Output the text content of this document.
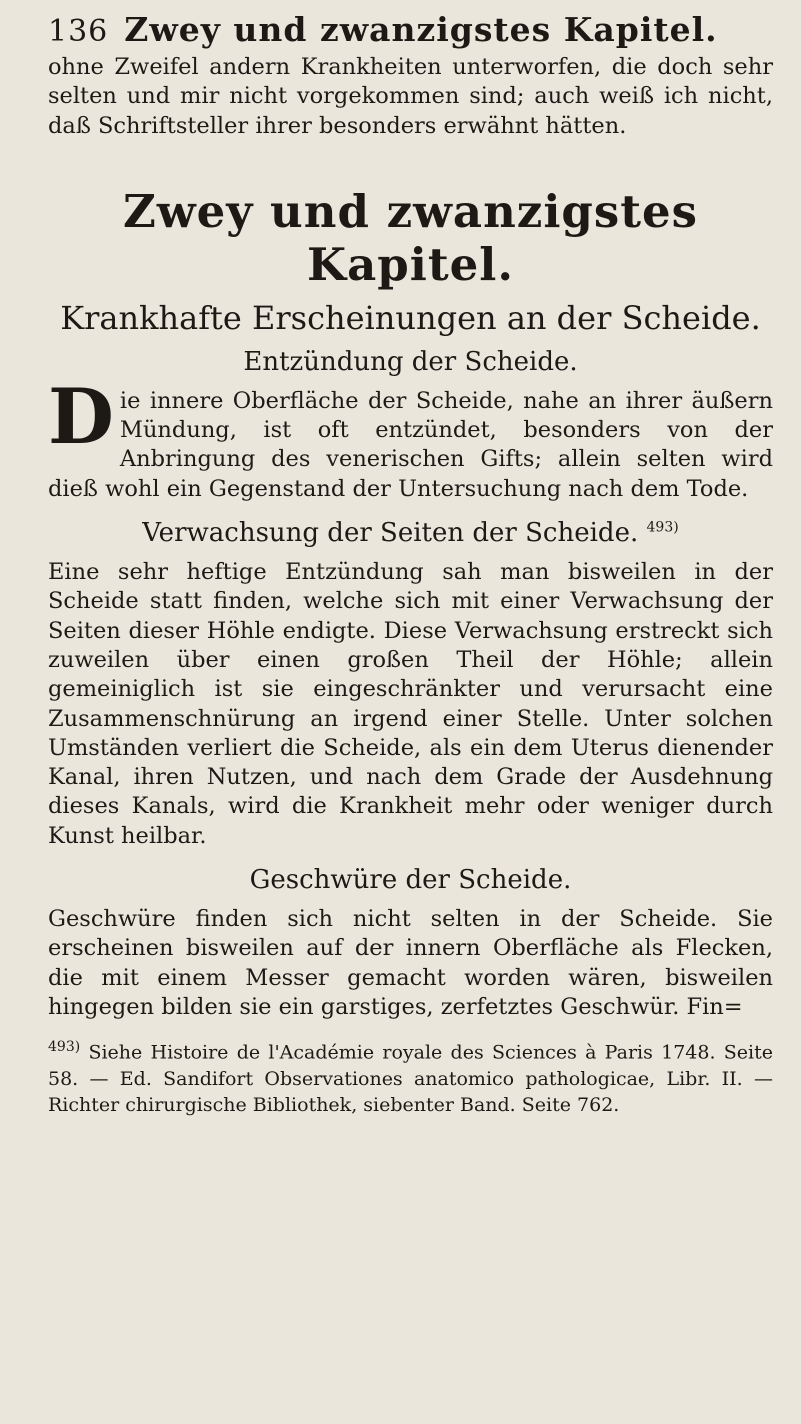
136 Zwey und zwanzigstes Kapitel.

ohne Zweifel andern Krankheiten unterworfen, die doch sehr selten und mir nicht vorgekommen sind; auch weiß ich nicht, daß Schriftsteller ihrer besonders erwähnt hätten.

Zwey und zwanzigstes Kapitel.
Krankhafte Erscheinungen an der Scheide.
Entzündung der Scheide.

Die innere Oberfläche der Scheide, nahe an ihrer äußern Mündung, ist oft entzündet, besonders von der Anbringung des venerischen Gifts; allein selten wird dieß wohl ein Gegenstand der Untersuchung nach dem Tode.

Verwachsung der Seiten der Scheide. $^{493)}$

Eine sehr heftige Entzündung sah man bisweilen in der Scheide statt finden, welche sich mit einer Verwachsung der Seiten dieser Höhle endigte. Diese Verwachsung erstreckt sich zuweilen über einen großen Theil der Höhle; allein gemeiniglich ist sie eingeschränkter und verursacht eine Zusammenschnürung an irgend einer Stelle. Unter solchen Umständen verliert die Scheide, als ein dem Uterus dienender Kanal, ihren Nutzen, und nach dem Grade der Ausdehnung dieses Kanals, wird die Krankheit mehr oder weniger durch Kunst heilbar.

Geschwüre der Scheide.

Geschwüre finden sich nicht selten in der Scheide. Sie erscheinen bisweilen auf der innern Oberfläche als Flecken, die mit einem Messer gemacht worden wären, bisweilen hingegen bilden sie ein garstiges, zerfetztes Geschwür. Fin=

$^{493)}$ Siehe Histoire de l'Académie royale des Sciences à Paris 1748. Seite 58. — Ed. Sandifort Observationes anatomico pathologicae, Libr. II. — Richter chirurgische Bibliothek, siebenter Band. Seite 762.
